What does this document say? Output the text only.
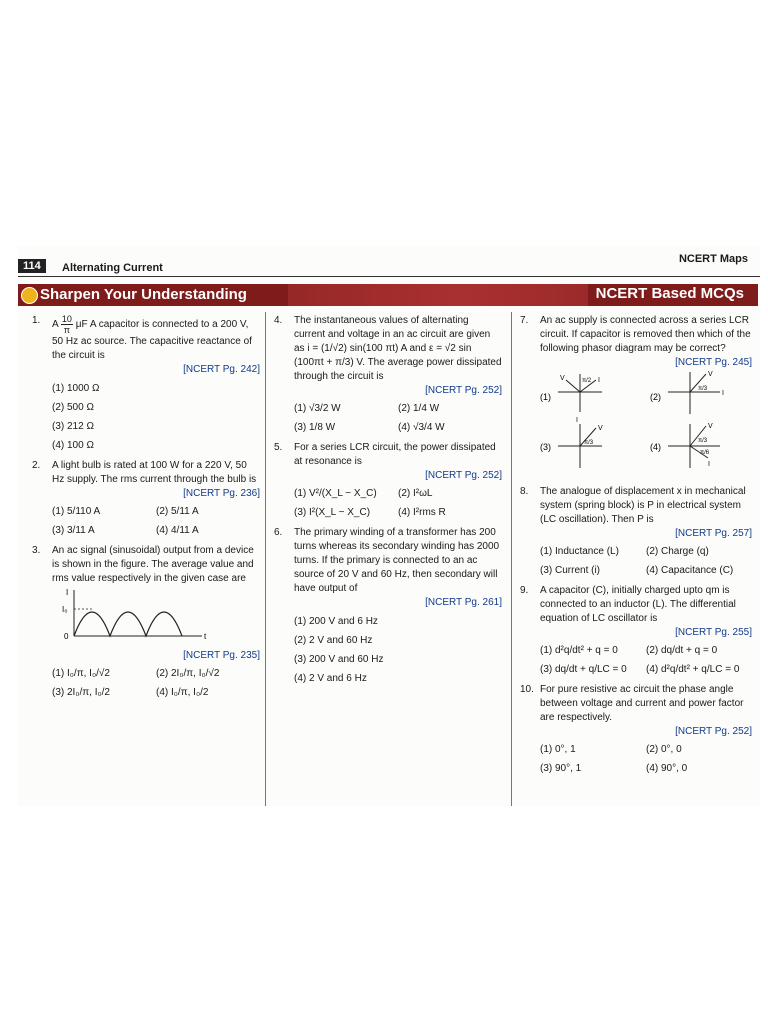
114	Alternating Current
NCERT Maps
Sharpen Your Understanding	NCERT Based MCQs
1. A $\frac{10}{\pi}$ μF A capacitor is connected to a 200 V, 50 Hz ac source. The capacitive reactance of the circuit is
[NCERT Pg. 242]
(1) 1000 Ω
(2) 500 Ω
(3) 212 Ω
(4) 100 Ω
2. A light bulb is rated at 100 W for a 220 V, 50 Hz supply. The rms current through the bulb is
[NCERT Pg. 236]
(1) 5/110 A	(2) 5/11 A
(3) 3/11 A	(4) 4/11 A
3. An ac signal (sinusoidal) output from a device is shown in the figure. The average value and rms value respectively in the given case are
I
I₀
0	t
[NCERT Pg. 235]
(1) I₀/π, I₀/√2	(2) 2I₀/π, I₀/√2
(3) 2I₀/π, I₀/2	(4) I₀/π, I₀/2
4. The instantaneous values of alternating current and voltage in an ac circuit are given as i = (1/√2) sin(100 πt) A and ε = √2 sin (100πt + π/3) V. The average power dissipated through the circuit is
[NCERT Pg. 252]
(1) √3/2 W	(2) 1/4 W
(3) 1/8 W	(4) √3/4 W
5. For a series LCR circuit, the power dissipated at resonance is
[NCERT Pg. 252]
(1) V²/(X_L − X_C)	(2) I²ωL
(3) I²(X_L − X_C)	(4) I²rms R
6. The primary winding of a transformer has 200 turns whereas its secondary winding has 2000 turns. If the primary is connected to an ac source of 20 V and 60 Hz, then secondary will have output of
[NCERT Pg. 261]
(1) 200 V and 6 Hz
(2) 2 V and 60 Hz
(3) 200 V and 60 Hz
(4) 2 V and 6 Hz
7. An ac supply is connected across a series LCR circuit. If capacitor is removed then which of the following phasor diagram may be correct?
[NCERT Pg. 245]
(1)
V	I
π/2
(2)
V
I
π/3
(3)
V
I
π/3	(4)
V
I
π/3
π/6
8. The analogue of displacement x in mechanical system (spring block) is P in electrical system (LC oscillation). Then P is
[NCERT Pg. 257]
(1) Inductance (L)	(2) Charge (q)
(3) Current (i)	(4) Capacitance (C)
9. A capacitor (C), initially charged upto qm is connected to an inductor (L). The differential equation of LC oscillator is
[NCERT Pg. 255]
(1) d²q/dt² + q = 0	(2) dq/dt + q = 0
(3) dq/dt + q/LC = 0	(4) d²q/dt² + q/LC = 0
10. For pure resistive ac circuit the phase angle between voltage and current and power factor are respectively.
[NCERT Pg. 252]
(1) 0°, 1	(2) 0°, 0
(3) 90°, 1	(4) 90°, 0
